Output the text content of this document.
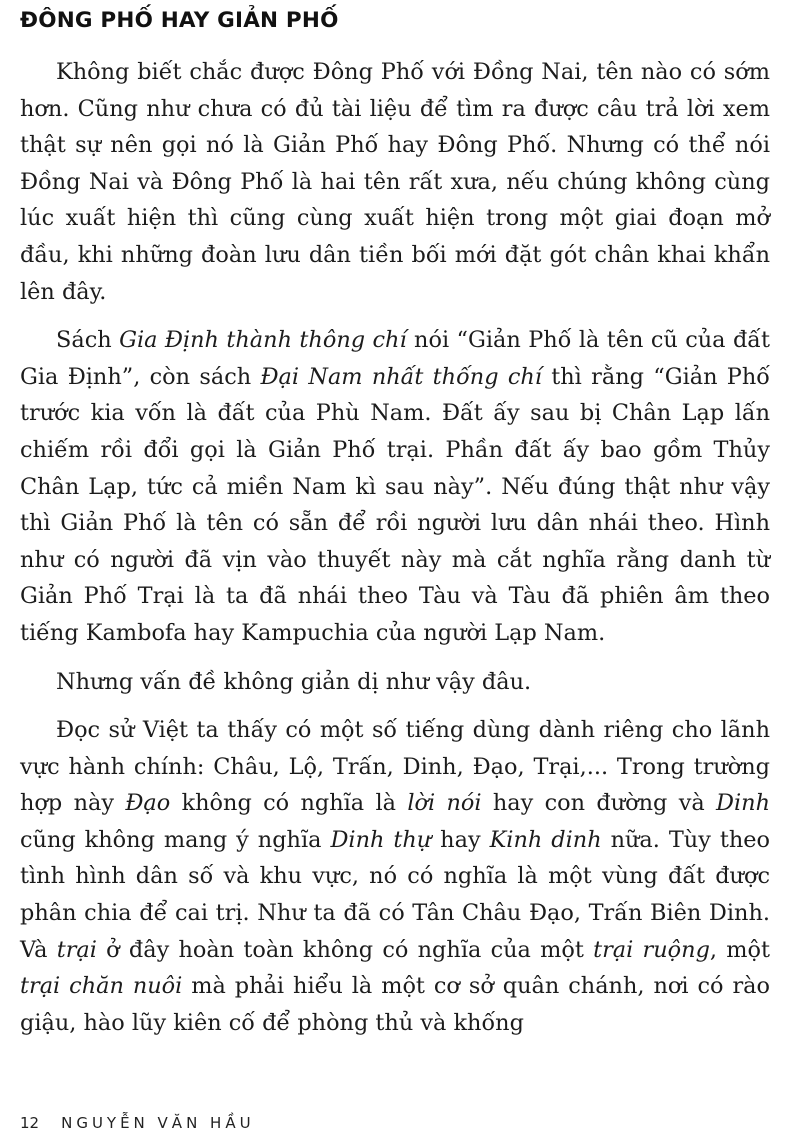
ĐÔNG PHỐ HAY GIẢN PHỐ

Không biết chắc được Đông Phố với Đồng Nai, tên nào có sớm hơn. Cũng như chưa có đủ tài liệu để tìm ra được câu trả lời xem thật sự nên gọi nó là Giản Phố hay Đông Phố. Nhưng có thể nói Đồng Nai và Đông Phố là hai tên rất xưa, nếu chúng không cùng lúc xuất hiện thì cũng cùng xuất hiện trong một giai đoạn mở đầu, khi những đoàn lưu dân tiền bối mới đặt gót chân khai khẩn lên đây.

Sách Gia Định thành thông chí nói “Giản Phố là tên cũ của đất Gia Định”, còn sách Đại Nam nhất thống chí thì rằng “Giản Phố trước kia vốn là đất của Phù Nam. Đất ấy sau bị Chân Lạp lấn chiếm rồi đổi gọi là Giản Phố trại. Phần đất ấy bao gồm Thủy Chân Lạp, tức cả miền Nam kì sau này”. Nếu đúng thật như vậy thì Giản Phố là tên có sẵn để rồi người lưu dân nhái theo. Hình như có người đã vịn vào thuyết này mà cắt nghĩa rằng danh từ Giản Phố Trại là ta đã nhái theo Tàu và Tàu đã phiên âm theo tiếng Kambofa hay Kampuchia của người Lạp Nam.

Nhưng vấn đề không giản dị như vậy đâu.

Đọc sử Việt ta thấy có một số tiếng dùng dành riêng cho lãnh vực hành chính: Châu, Lộ, Trấn, Dinh, Đạo, Trại,... Trong trường hợp này Đạo không có nghĩa là lời nói hay con đường và Dinh cũng không mang ý nghĩa Dinh thự hay Kinh dinh nữa. Tùy theo tình hình dân số và khu vực, nó có nghĩa là một vùng đất được phân chia để cai trị. Như ta đã có Tân Châu Đạo, Trấn Biên Dinh. Và trại ở đây hoàn toàn không có nghĩa của một trại ruộng, một trại chăn nuôi mà phải hiểu là một cơ sở quân chánh, nơi có rào giậu, hào lũy kiên cố để phòng thủ và khống

12 NGUYỄN VĂN HẦU
